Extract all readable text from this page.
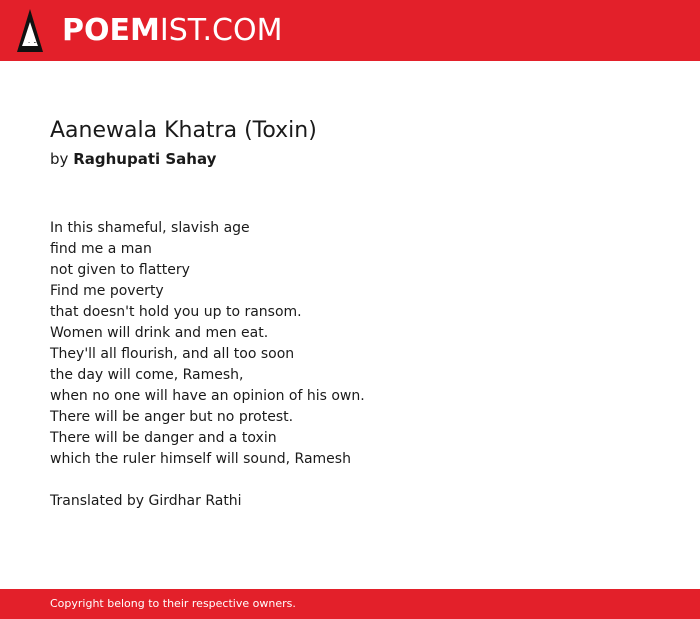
POEMIST.COM
Aanewala Khatra (Toxin)
by Raghupati Sahay
In this shameful, slavish age
find me a man
not given to flattery
Find me poverty
that doesn't hold you up to ransom.
Women will drink and men eat.
They'll all flourish, and all too soon
the day will come, Ramesh,
when no one will have an opinion of his own.
There will be anger but no protest.
There will be danger and a toxin
which the ruler himself will sound, Ramesh
Translated by Girdhar Rathi
Copyright belong to their respective owners.
